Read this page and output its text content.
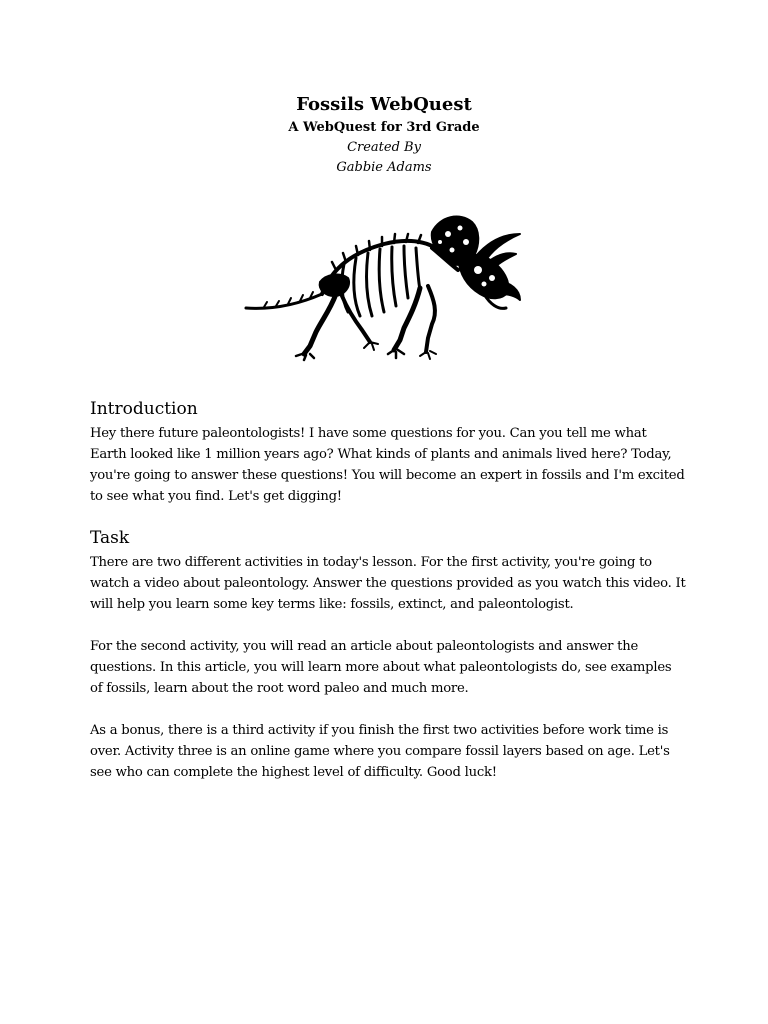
Fossils WebQuest
A WebQuest for 3rd Grade
Created By
Gabbie Adams
Introduction

Hey there future paleontologists! I have some questions for you. Can you tell me what Earth looked like 1 million years ago? What kinds of plants and animals lived here? Today, you're going to answer these questions! You will become an expert in fossils and I'm excited to see what you find. Let's get digging!

Task

There are two different activities in today's lesson. For the first activity, you're going to watch a video about paleontology. Answer the questions provided as you watch this video. It will help you learn some key terms like: fossils, extinct, and paleontologist.

For the second activity, you will read an article about paleontologists and answer the questions. In this article, you will learn more about what paleontologists do, see examples of fossils, learn about the root word paleo and much more.

As a bonus, there is a third activity if you finish the first two activities before work time is over. Activity three is an online game where you compare fossil layers based on age. Let's see who can complete the highest level of difficulty. Good luck!
